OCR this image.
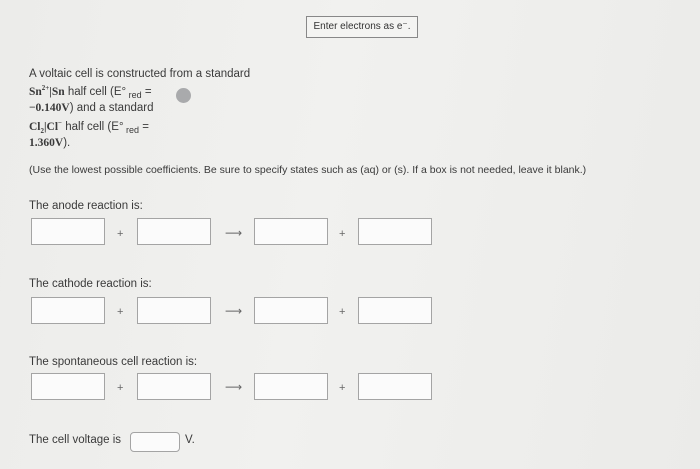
Enter electrons as e⁻.
A voltaic cell is constructed from a standard
$Sn^{2+}|Sn$ half cell (E° $_{red}$ =
−0.140V) and a standard
$Cl_2|Cl^-$ half cell (E° $_{red}$ =
1.360V).
(Use the lowest possible coefficients. Be sure to specify states such as (aq) or (s). If a box is not needed, leave it blank.)
The anode reaction is:
+	⟶	+
The cathode reaction is:
+	⟶	+
The spontaneous cell reaction is:
+	⟶	+
The cell voltage is	V.
